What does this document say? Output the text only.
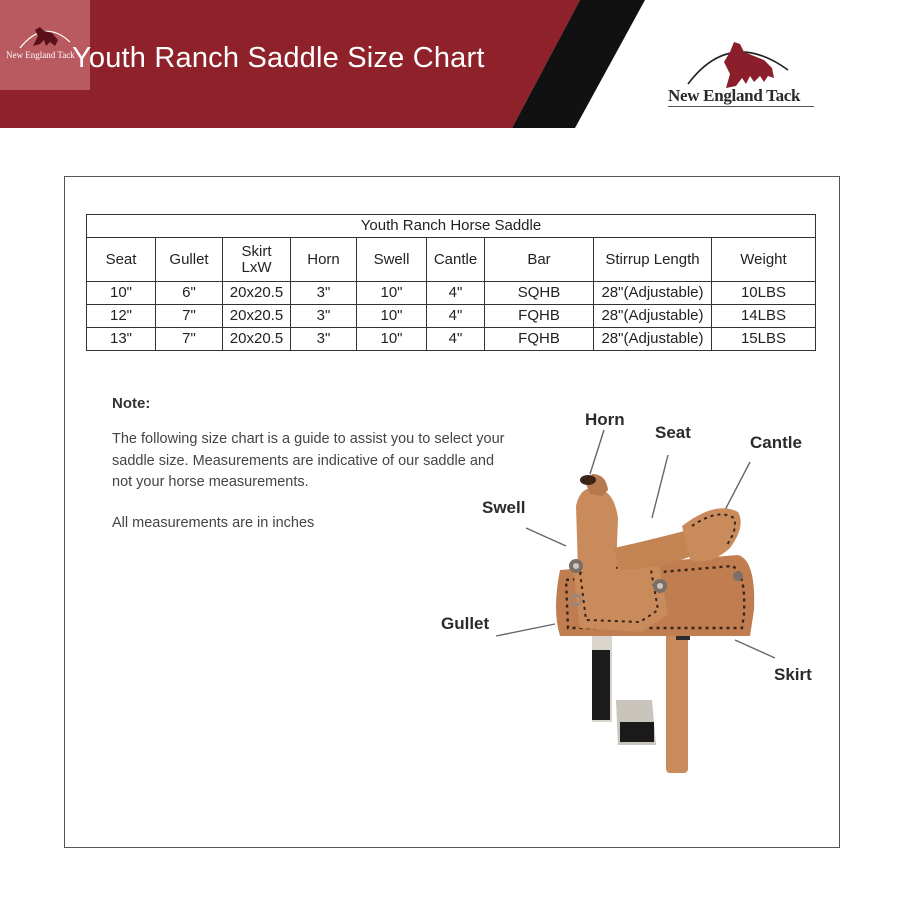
New England Tack
Youth Ranch Saddle Size Chart
New England Tack
Youth Ranch Horse Saddle								
Seat	Gullet	Skirt LxW	Horn	Swell	Cantle	Bar	Stirrup Length	Weight
10"	6"	20x20.5	3"	10"	4"	SQHB	28"(Adjustable)	10LBS
12"	7"	20x20.5	3"	10"	4"	FQHB	28"(Adjustable)	14LBS
13"	7"	20x20.5	3"	10"	4"	FQHB	28"(Adjustable)	15LBS
Note:
The following size chart is a guide to assist you to select your saddle size. Measurements are indicative of our saddle and not your horse measurements.
All measurements are in inches
Horn
Seat
Cantle
Swell
Gullet
Skirt
